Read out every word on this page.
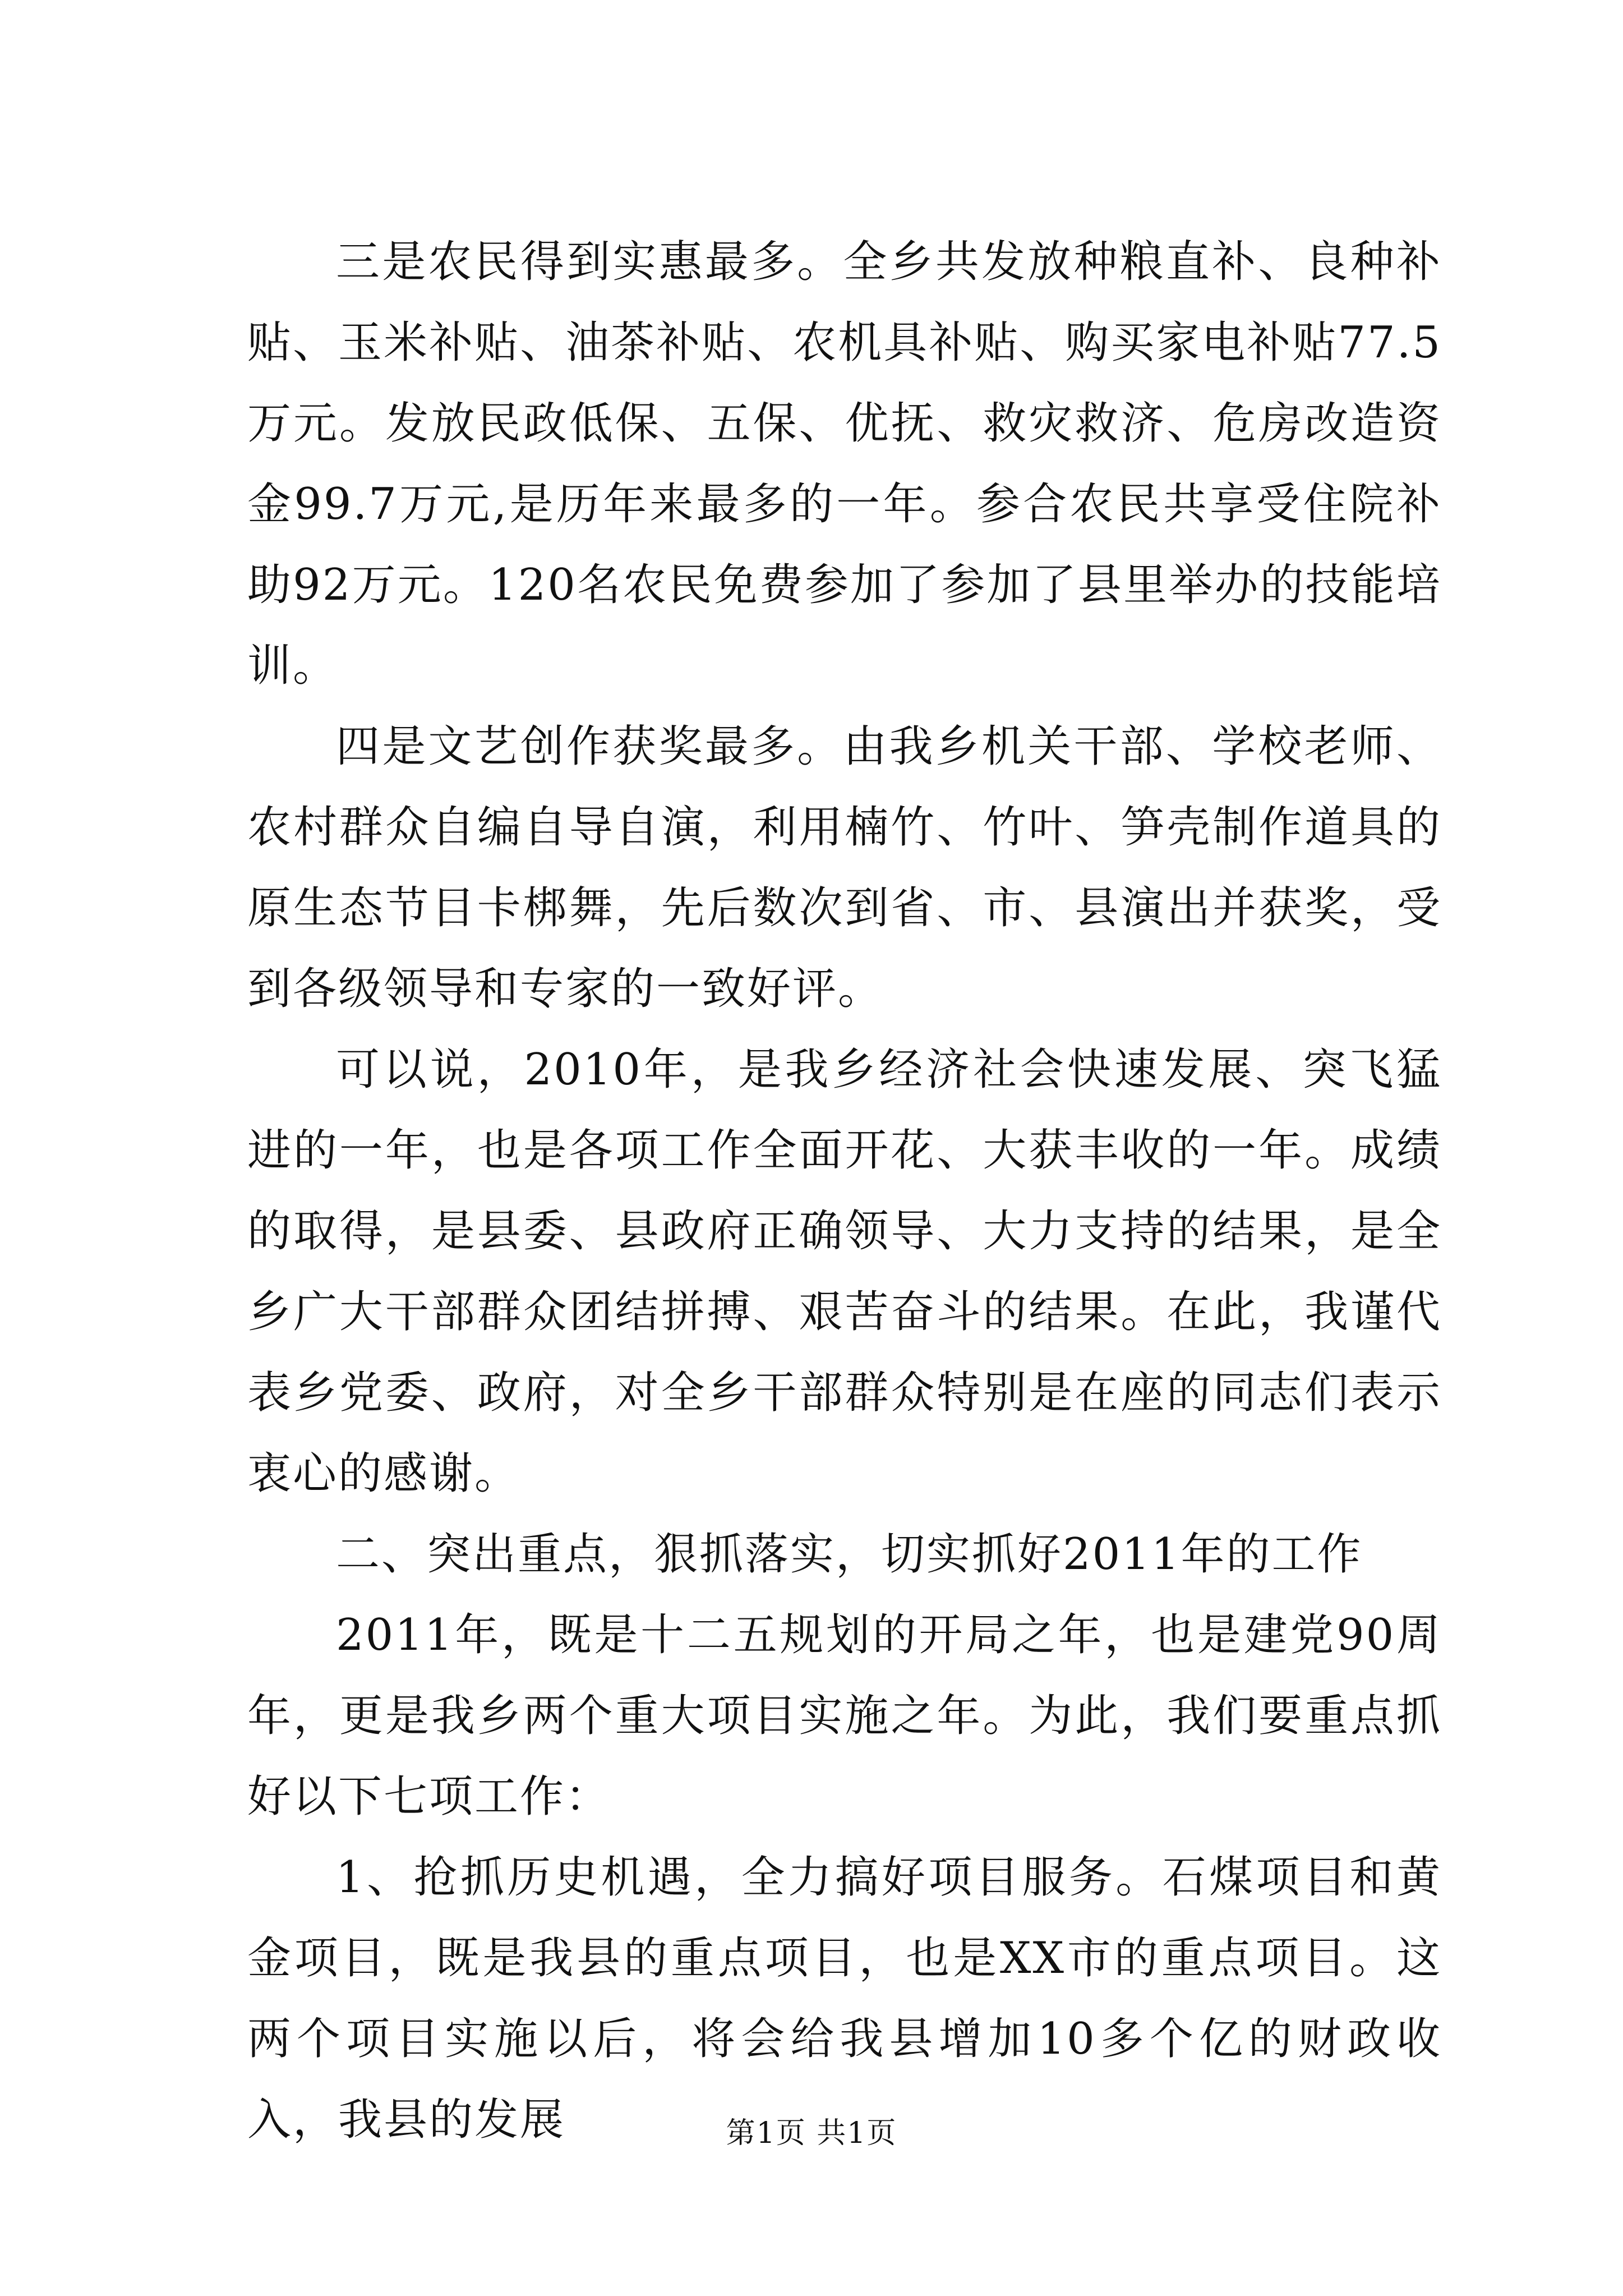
三是农民得到实惠最多。全乡共发放种粮直补、良种补贴、玉米补贴、油茶补贴、农机具补贴、购买家电补贴77.5万元。发放民政低保、五保、优抚、救灾救济、危房改造资金99.7万元,是历年来最多的一年。参合农民共享受住院补助92万元。120名农民免费参加了参加了县里举办的技能培训。

四是文艺创作获奖最多。由我乡机关干部、学校老师、农村群众自编自导自演，利用楠竹、竹叶、笋壳制作道具的原生态节目卡梆舞，先后数次到省、市、县演出并获奖，受到各级领导和专家的一致好评。

可以说，2010年，是我乡经济社会快速发展、突飞猛进的一年，也是各项工作全面开花、大获丰收的一年。成绩的取得，是县委、县政府正确领导、大力支持的结果，是全乡广大干部群众团结拼搏、艰苦奋斗的结果。在此，我谨代表乡党委、政府，对全乡干部群众特别是在座的同志们表示衷心的感谢。

二、突出重点，狠抓落实，切实抓好2011年的工作

2011年，既是十二五规划的开局之年，也是建党90周年，更是我乡两个重大项目实施之年。为此，我们要重点抓好以下七项工作：

1、抢抓历史机遇，全力搞好项目服务。石煤项目和黄金项目，既是我县的重点项目，也是XX市的重点项目。这两个项目实施以后，将会给我县增加10多个亿的财政收入，我县的发展	第1页 共1页
